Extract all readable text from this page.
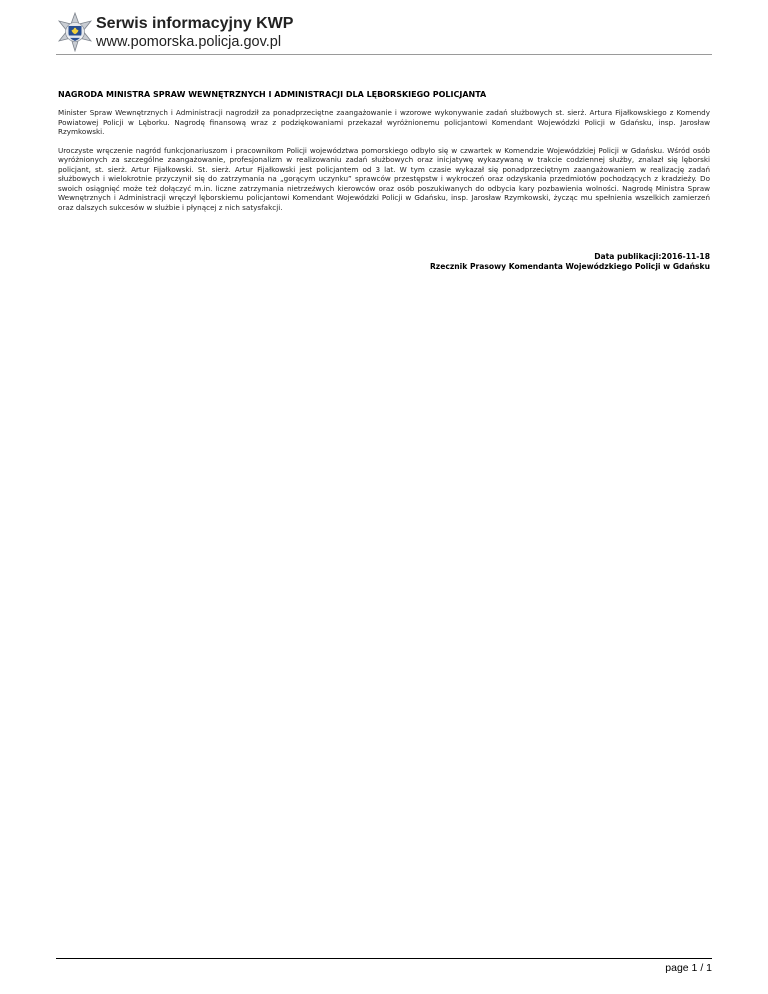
Serwis informacyjny KWP
www.pomorska.policja.gov.pl
NAGRODA MINISTRA SPRAW WEWNĘTRZNYCH I ADMINISTRACJI DLA LĘBORSKIEGO POLICJANTA

Minister Spraw Wewnętrznych i Administracji nagrodził za ponadprzeciętne zaangażowanie i wzorowe wykonywanie zadań służbowych st. sierż. Artura Fijałkowskiego z Komendy Powiatowej Policji w Lęborku. Nagrodę finansową wraz z podziękowaniami przekazał wyróżnionemu policjantowi Komendant Wojewódzki Policji w Gdańsku, insp. Jarosław Rzymkowski.

Uroczyste wręczenie nagród funkcjonariuszom i pracownikom Policji województwa pomorskiego odbyło się w czwartek w Komendzie Wojewódzkiej Policji w Gdańsku. Wśród osób wyróżnionych za szczególne zaangażowanie, profesjonalizm w realizowaniu zadań służbowych oraz inicjatywę wykazywaną w trakcie codziennej służby, znalazł się lęborski policjant, st. sierż. Artur Fijałkowski. St. sierż. Artur Fijałkowski jest policjantem od 3 lat. W tym czasie wykazał się ponadprzeciętnym zaangażowaniem w realizację zadań służbowych i wielokrotnie przyczynił się do zatrzymania na „gorącym uczynku” sprawców przestępstw i wykroczeń oraz odzyskania przedmiotów pochodzących z kradzieży. Do swoich osiągnięć może też dołączyć m.in. liczne zatrzymania nietrzeźwych kierowców oraz osób poszukiwanych do odbycia kary pozbawienia wolności. Nagrodę Ministra Spraw Wewnętrznych i Administracji wręczył lęborskiemu policjantowi Komendant Wojewódzki Policji w Gdańsku, insp. Jarosław Rzymkowski, życząc mu spełnienia wszelkich zamierzeń oraz dalszych sukcesów w służbie i płynącej z nich satysfakcji.

Data publikacji:2016-11-18
Rzecznik Prasowy Komendanta Wojewódzkiego Policji w Gdańsku
page 1 / 1
